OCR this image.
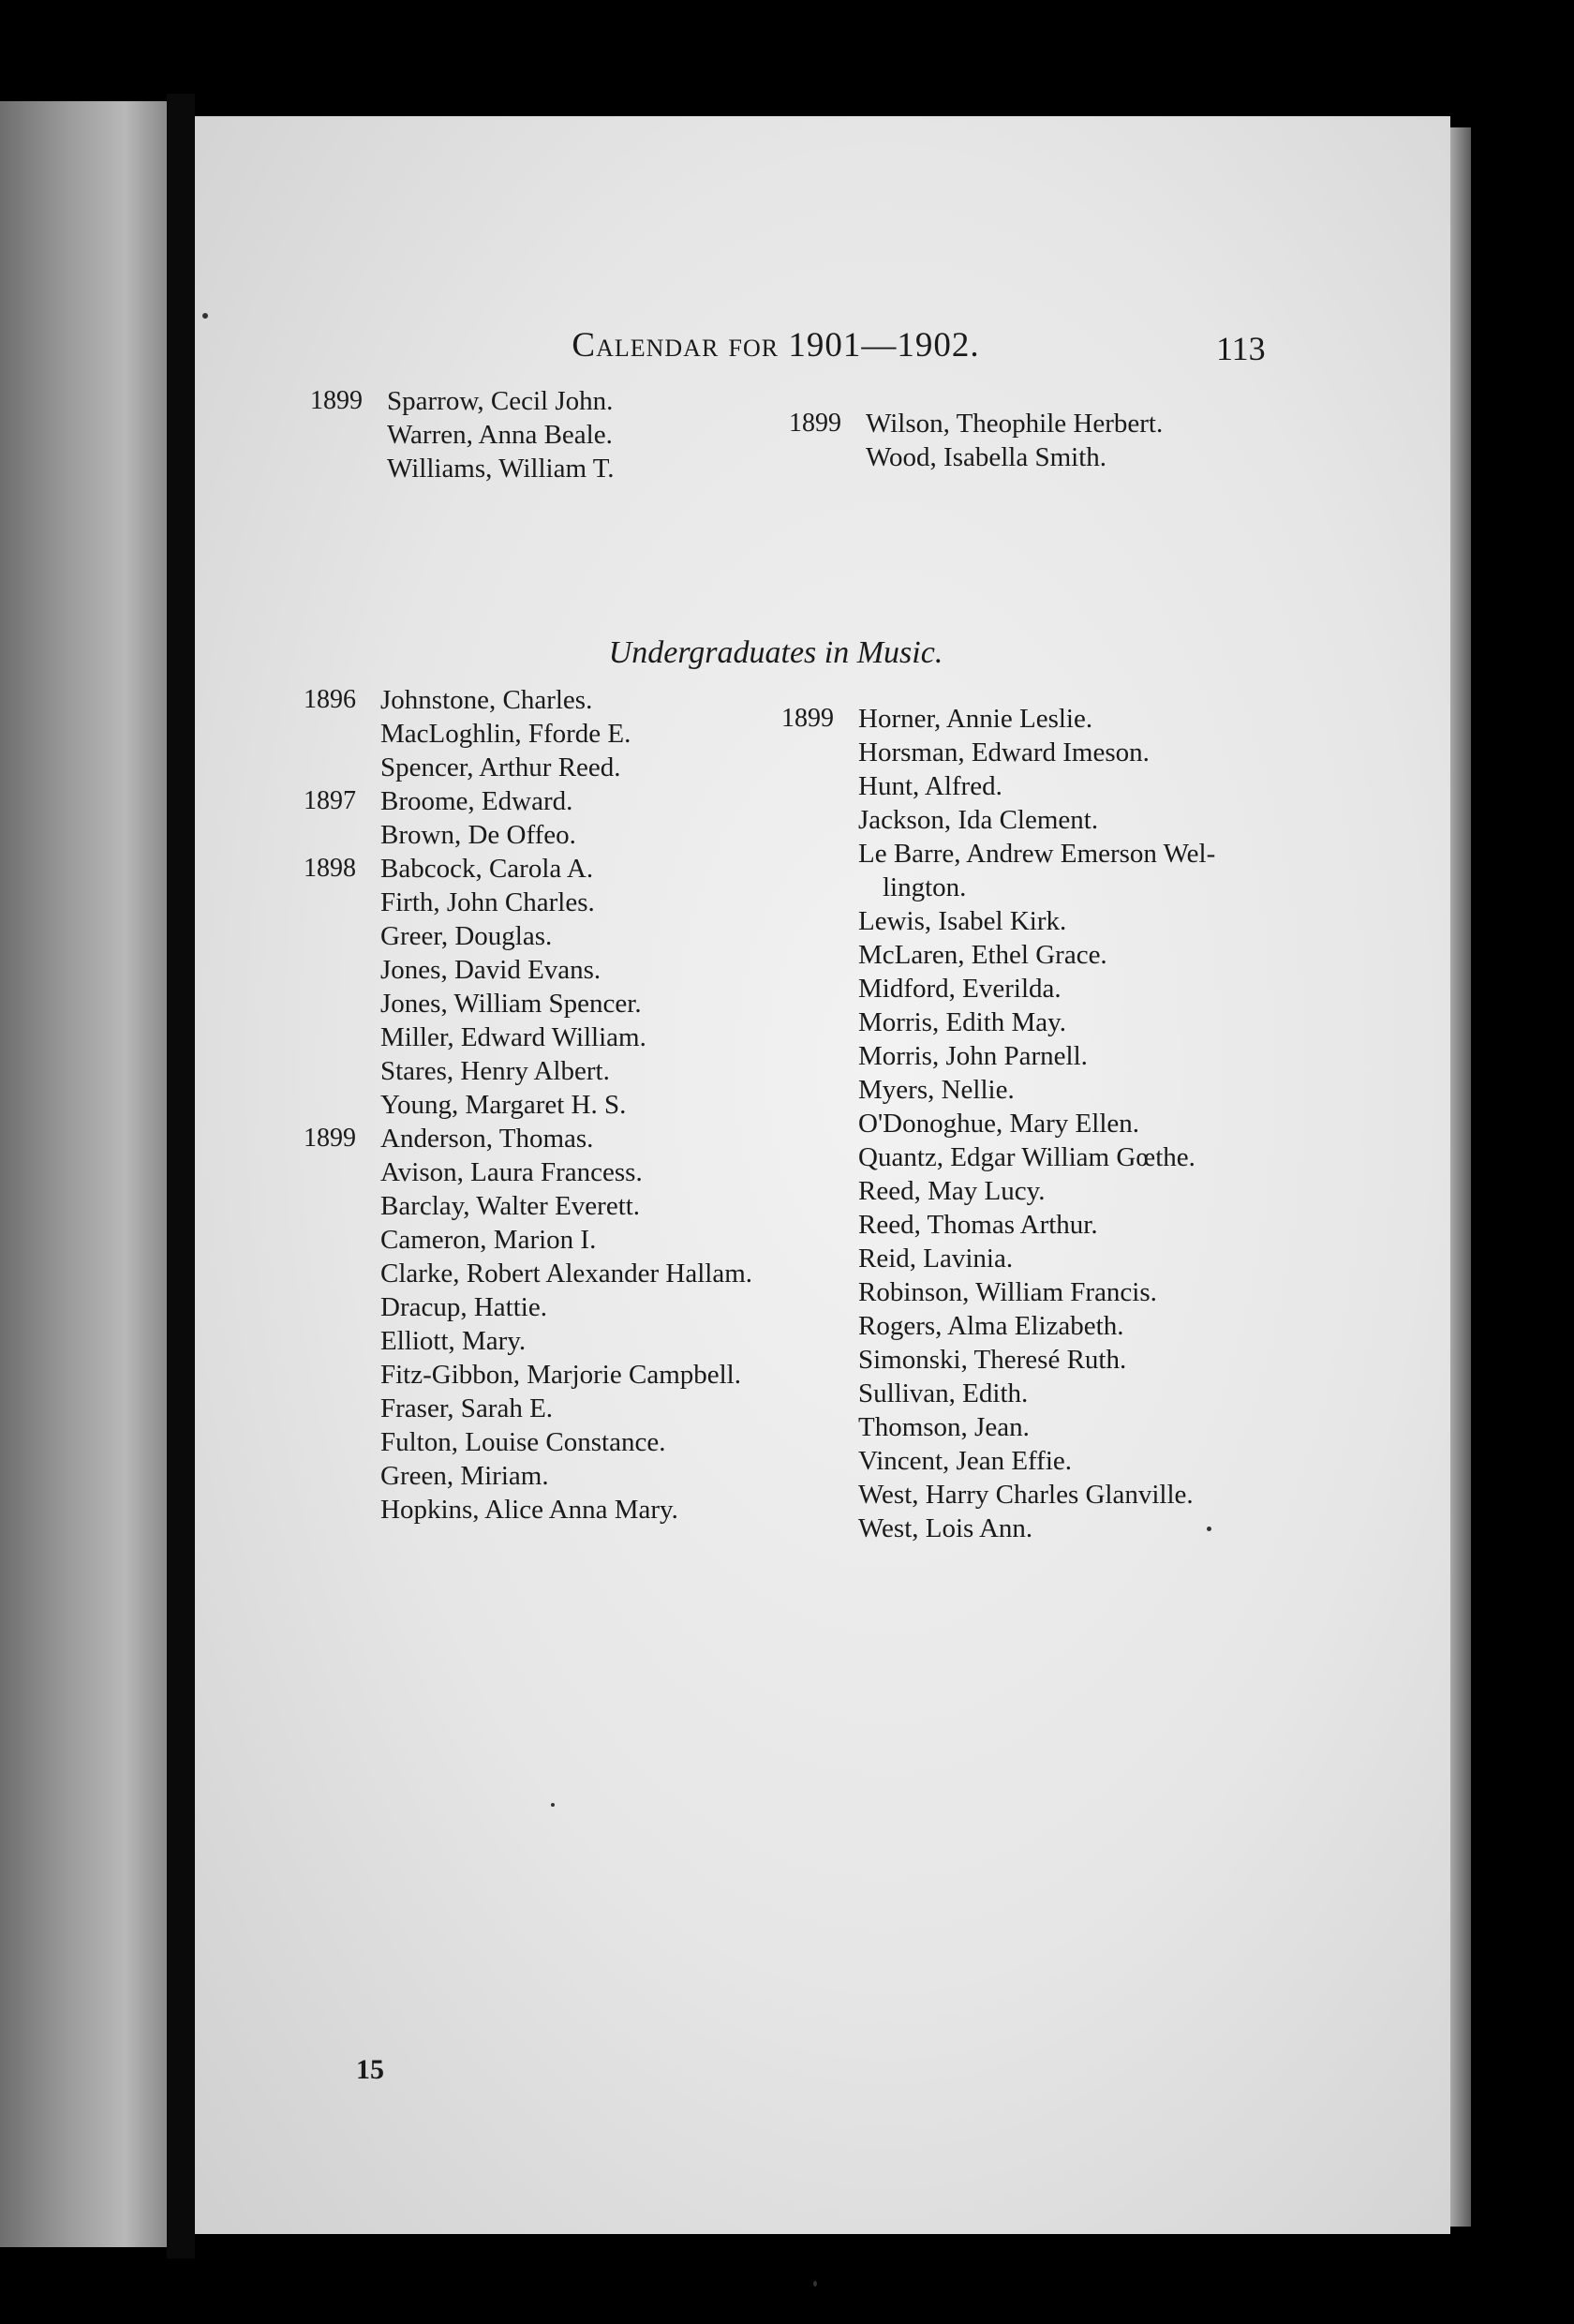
Calendar for 1901—1902.	113
1899 Sparrow, Cecil John.
Warren, Anna Beale.
Williams, William T.
1899 Wilson, Theophile Herbert.
Wood, Isabella Smith.
Undergraduates in Music.
1896 Johnstone, Charles.
MacLoghlin, Fforde E.
Spencer, Arthur Reed.
1897 Broome, Edward.
Brown, De Offeo.
1898 Babcock, Carola A.
Firth, John Charles.
Greer, Douglas.
Jones, David Evans.
Jones, William Spencer.
Miller, Edward William.
Stares, Henry Albert.
Young, Margaret H. S.
1899 Anderson, Thomas.
Avison, Laura Francess.
Barclay, Walter Everett.
Cameron, Marion I.
Clarke, Robert Alexander Hallam.
Dracup, Hattie.
Elliott, Mary.
Fitz-Gibbon, Marjorie Campbell.
Fraser, Sarah E.
Fulton, Louise Constance.
Green, Miriam.
Hopkins, Alice Anna Mary.
1899 Horner, Annie Leslie.
Horsman, Edward Imeson.
Hunt, Alfred.
Jackson, Ida Clement.
Le Barre, Andrew Emerson Wel-
lington.
Lewis, Isabel Kirk.
McLaren, Ethel Grace.
Midford, Everilda.
Morris, Edith May.
Morris, John Parnell.
Myers, Nellie.
O'Donoghue, Mary Ellen.
Quantz, Edgar William Gœthe.
Reed, May Lucy.
Reed, Thomas Arthur.
Reid, Lavinia.
Robinson, William Francis.
Rogers, Alma Elizabeth.
Simonski, Theresé Ruth.
Sullivan, Edith.
Thomson, Jean.
Vincent, Jean Effie.
West, Harry Charles Glanville.
West, Lois Ann.
15
